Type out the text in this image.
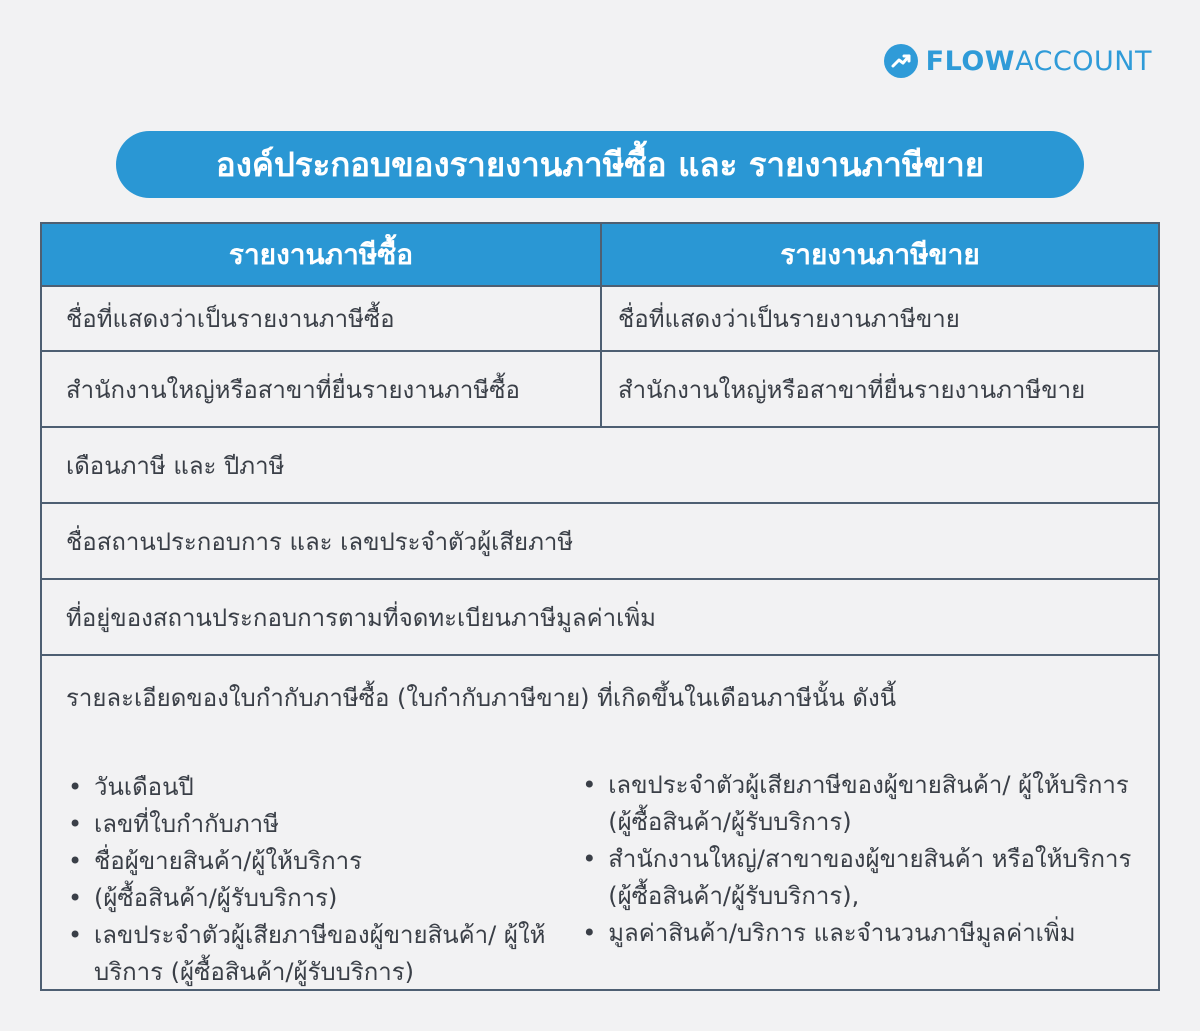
FLOWACCOUNT
องค์ประกอบของรายงานภาษีซื้อ และ รายงานภาษีขาย
รายงานภาษีซื้อ	รายงานภาษีขาย
ชื่อที่แสดงว่าเป็นรายงานภาษีซื้อ	ชื่อที่แสดงว่าเป็นรายงานภาษีขาย
สำนักงานใหญ่หรือสาขาที่ยื่นรายงานภาษีซื้อ	สำนักงานใหญ่หรือสาขาที่ยื่นรายงานภาษีขาย
เดือนภาษี และ ปีภาษี
ชื่อสถานประกอบการ และ เลขประจำตัวผู้เสียภาษี
ที่อยู่ของสถานประกอบการตามที่จดทะเบียนภาษีมูลค่าเพิ่ม
รายละเอียดของใบกำกับภาษีซื้อ (ใบกำกับภาษีขาย) ที่เกิดขึ้นในเดือนภาษีนั้น ดังนี้
• วันเดือนปี
• เลขที่ใบกำกับภาษี
• ชื่อผู้ขายสินค้า/ผู้ให้บริการ
• (ผู้ซื้อสินค้า/ผู้รับบริการ)
• เลขประจำตัวผู้เสียภาษีของผู้ขายสินค้า/ ผู้ให้บริการ (ผู้ซื้อสินค้า/ผู้รับบริการ)
• เลขประจำตัวผู้เสียภาษีของผู้ขายสินค้า/ ผู้ให้บริการ (ผู้ซื้อสินค้า/ผู้รับบริการ)
• สำนักงานใหญ่/สาขาของผู้ขายสินค้า หรือให้บริการ (ผู้ซื้อสินค้า/ผู้รับบริการ),
• มูลค่าสินค้า/บริการ และจำนวนภาษีมูลค่าเพิ่ม
